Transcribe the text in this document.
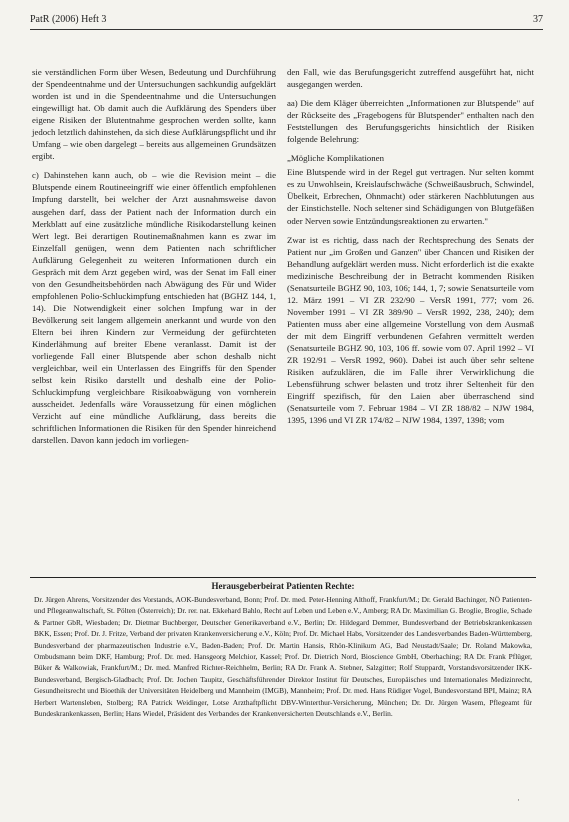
PatR (2006) Heft 3	37

sie verständlichen Form über Wesen, Bedeutung und Durchführung der Spendeentnahme und der Untersuchungen sachkundig aufgeklärt worden ist und in die Spendeentnahme und die Untersuchungen eingewilligt hat. Ob damit auch die Aufklärung des Spenders über eigene Risiken der Blutentnahme gesprochen werden sollte, kann jedoch letztlich dahinstehen, da sich diese Aufklärungspflicht und ihr Umfang – wie oben dargelegt – bereits aus allgemeinen Grundsätzen ergibt.

c) Dahinstehen kann auch, ob – wie die Revision meint – die Blutspende einem Routineeingriff wie einer öffentlich empfohlenen Impfung darstellt, bei welcher der Arzt ausnahmsweise davon ausgehen darf, dass der Patient nach der Information durch ein Merkblatt auf eine zusätzliche mündliche Risikodarstellung keinen Wert legt. Bei derartigen Routinemaßnahmen kann es zwar im Einzelfall genügen, wenn dem Patienten nach schriftlicher Aufklärung Gelegenheit zu weiteren Informationen durch ein Gespräch mit dem Arzt gegeben wird, was der Senat im Fall einer von den Gesundheitsbehörden nach Abwägung des Für und Wider empfohlenen Polio-Schluckimpfung entschieden hat (BGHZ 144, 1, 14). Die Notwendigkeit einer solchen Impfung war in der Bevölkerung seit langem allgemein anerkannt und wurde von den Eltern bei ihren Kindern zur Vermeidung der gefürchteten Kinderlähmung auf breiter Ebene veranlasst. Damit ist der vorliegende Fall einer Blutspende aber schon deshalb nicht vergleichbar, weil ein Unterlassen des Eingriffs für den Spender selbst kein Risiko darstellt und deshalb eine der Polio-Schluckimpfung vergleichbare Risikoabwägung von vornherein ausscheidet. Jedenfalls wäre Voraussetzung für einen möglichen Verzicht auf eine mündliche Aufklärung, dass bereits die schriftlichen Informationen die Risiken für den Spender hinreichend darstellen. Davon kann jedoch im vorliegen-

den Fall, wie das Berufungsgericht zutreffend ausgeführt hat, nicht ausgegangen werden.

aa) Die dem Kläger überreichten „Informationen zur Blutspende" auf der Rückseite des „Fragebogens für Blutspender" enthalten nach den Feststellungen des Berufungsgerichts hinsichtlich der Risiken folgende Belehrung:

„Mögliche Komplikationen

Eine Blutspende wird in der Regel gut vertragen. Nur selten kommt es zu Unwohlsein, Kreislaufschwäche (Schweißausbruch, Schwindel, Übelkeit, Erbrechen, Ohnmacht) oder stärkeren Nachblutungen aus der Einstichstelle. Noch seltener sind Schädigungen von Blutgefäßen oder Nerven sowie Entzündungsreaktionen zu erwarten."

Zwar ist es richtig, dass nach der Rechtsprechung des Senats der Patient nur „im Großen und Ganzen" über Chancen und Risiken der Behandlung aufgeklärt werden muss. Nicht erforderlich ist die exakte medizinische Beschreibung der in Betracht kommenden Risiken (Senatsurteile BGHZ 90, 103, 106; 144, 1, 7; sowie Senatsurteile vom 12. März 1991 – VI ZR 232/90 – VersR 1991, 777; vom 26. November 1991 – VI ZR 389/90 – VersR 1992, 238, 240); dem Patienten muss aber eine allgemeine Vorstellung von dem Ausmaß der mit dem Eingriff verbundenen Gefahren vermittelt werden (Senatsurteile BGHZ 90, 103, 106 ff. sowie vom 07. April 1992 – VI ZR 192/91 – VersR 1992, 960). Dabei ist auch über sehr seltene Risiken aufzuklären, die im Falle ihrer Verwirklichung die Lebensführung schwer belasten und trotz ihrer Seltenheit für den Eingriff spezifisch, für den Laien aber überraschend sind (Senatsurteile vom 7. Februar 1984 – VI ZR 188/82 – NJW 1984, 1395, 1396 und VI ZR 174/82 – NJW 1984, 1397, 1398; vom

Herausgeberbeirat Patienten Rechte:
Dr. Jürgen Ahrens, Vorsitzender des Vorstands, AOK-Bundesverband, Bonn; Prof. Dr. med. Peter-Henning Althoff, Frankfurt/M.; Dr. Gerald Bachinger, NÖ Patienten- und Pflegeanwaltschaft, St. Pölten (Österreich); Dr. rer. nat. Ekkehard Bahlo, Recht auf Leben und Leben e.V., Amberg; RA Dr. Maximilian G. Broglie, Broglie, Schade & Partner GbR, Wiesbaden; Dr. Dietmar Buchberger, Deutscher Generikaverband e.V., Berlin; Dr. Hildegard Demmer, Bundesverband der Betriebskrankenkassen BKK, Essen; Prof. Dr. J. Fritze, Verband der privaten Krankenversicherung e.V., Köln; Prof. Dr. Michael Habs, Vorsitzender des Landesverbandes Baden-Württemberg, Bundesverband der pharmazeutischen Industrie e.V., Baden-Baden; Prof. Dr. Martin Hansis, Rhön-Klinikum AG, Bad Neustadt/Saale; Dr. Roland Makowka, Ombudsmann beim DKF, Hamburg; Prof. Dr. med. Hansgeorg Melchior, Kassel; Prof. Dr. Dietrich Nord, Bioscience GmbH, Oberhaching; RA Dr. Frank Pflüger, Büker & Walkowiak, Frankfurt/M.; Dr. med. Manfred Richter-Reichhelm, Berlin; RA Dr. Frank A. Stebner, Salzgitter; Rolf Stuppardt, Vorstandsvorsitzender IKK-Bundesverband, Bergisch-Gladbach; Prof. Dr. Jochen Taupitz, Geschäftsführender Direktor Institut für Deutsches, Europäisches und Internationales Medizinrecht, Gesundheitsrecht und Bioethik der Universitäten Heidelberg und Mannheim (IMGB), Mannheim; Prof. Dr. med. Hans Rüdiger Vogel, Bundesvorstand BPI, Mainz; RA Herbert Wartensleben, Stolberg; RA Patrick Weidinger, Lotse Arzthaftpflicht DBV-Winterthur-Versicherung, München; Dr. Dr. Jürgen Wasem, Pflegeamt für Bundeskrankenkassen, Berlin; Hans Wiedel, Präsident des Verbandes der Krankenversicherten Deutschlands e.V., Berlin.
·
